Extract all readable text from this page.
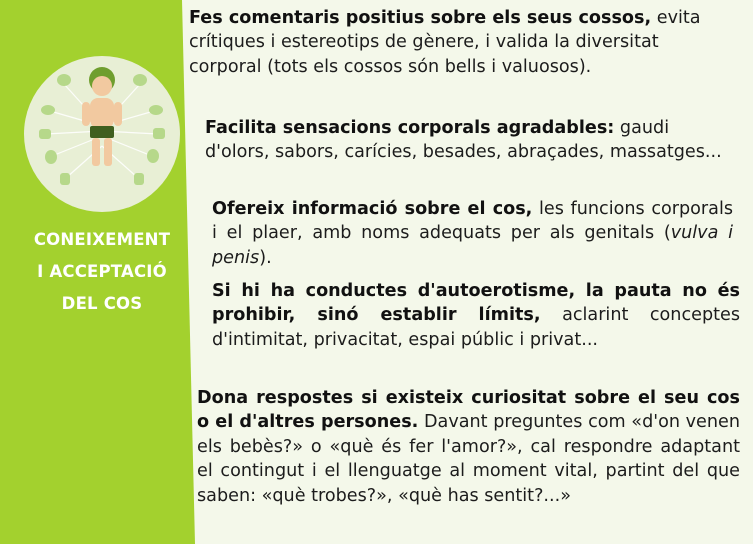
CONEIXEMENT
I ACCEPTACIÓ
DEL COS

Fes comentaris positius sobre els seus cossos, evita crítiques i estereotips de gènere, i valida la diversitat corporal (tots els cossos són bells i valuosos).

Facilita sensacions corporals agradables: gaudi d'olors, sabors, carícies, besades, abraçades, massatges...

Ofereix informació sobre el cos, les funcions corporals i el plaer, amb noms adequats per als genitals (vulva i penis).

Si hi ha conductes d'autoerotisme, la pauta no és prohibir, sinó establir límits, aclarint conceptes d'intimitat, privacitat, espai públic i privat...

Dona respostes si existeix curiositat sobre el seu cos o el d'altres persones. Davant preguntes com «d'on venen els bebès?» o «què és fer l'amor?», cal respondre adaptant el contingut i el llenguatge al moment vital, partint del que saben: «què trobes?», «què has sentit?...»
